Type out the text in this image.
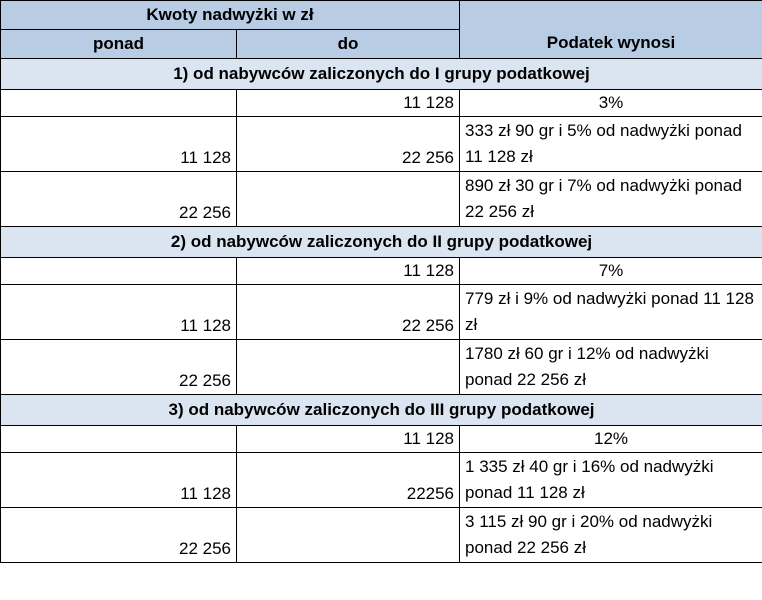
Kwoty nadwyżki w zł		Podatek wynosi
ponad	do	
1) od nabywców zaliczonych do I grupy podatkowej		
	11 128	3%
11 128	22 256	333 zł 90 gr i 5% od nadwyżki ponad 11 128 zł
22 256		890 zł 30 gr i 7% od nadwyżki ponad 22 256 zł
2) od nabywców zaliczonych do II grupy podatkowej		
	11 128	7%
11 128	22 256	779 zł i 9% od nadwyżki ponad 11 128 zł
22 256		1780 zł 60 gr i 12% od nadwyżki ponad 22 256 zł
3) od nabywców zaliczonych do III grupy podatkowej		
	11 128	12%
11 128	22256	1 335 zł 40 gr i 16% od nadwyżki ponad 11 128 zł
22 256		3 115 zł 90 gr i 20% od nadwyżki ponad 22 256 zł
